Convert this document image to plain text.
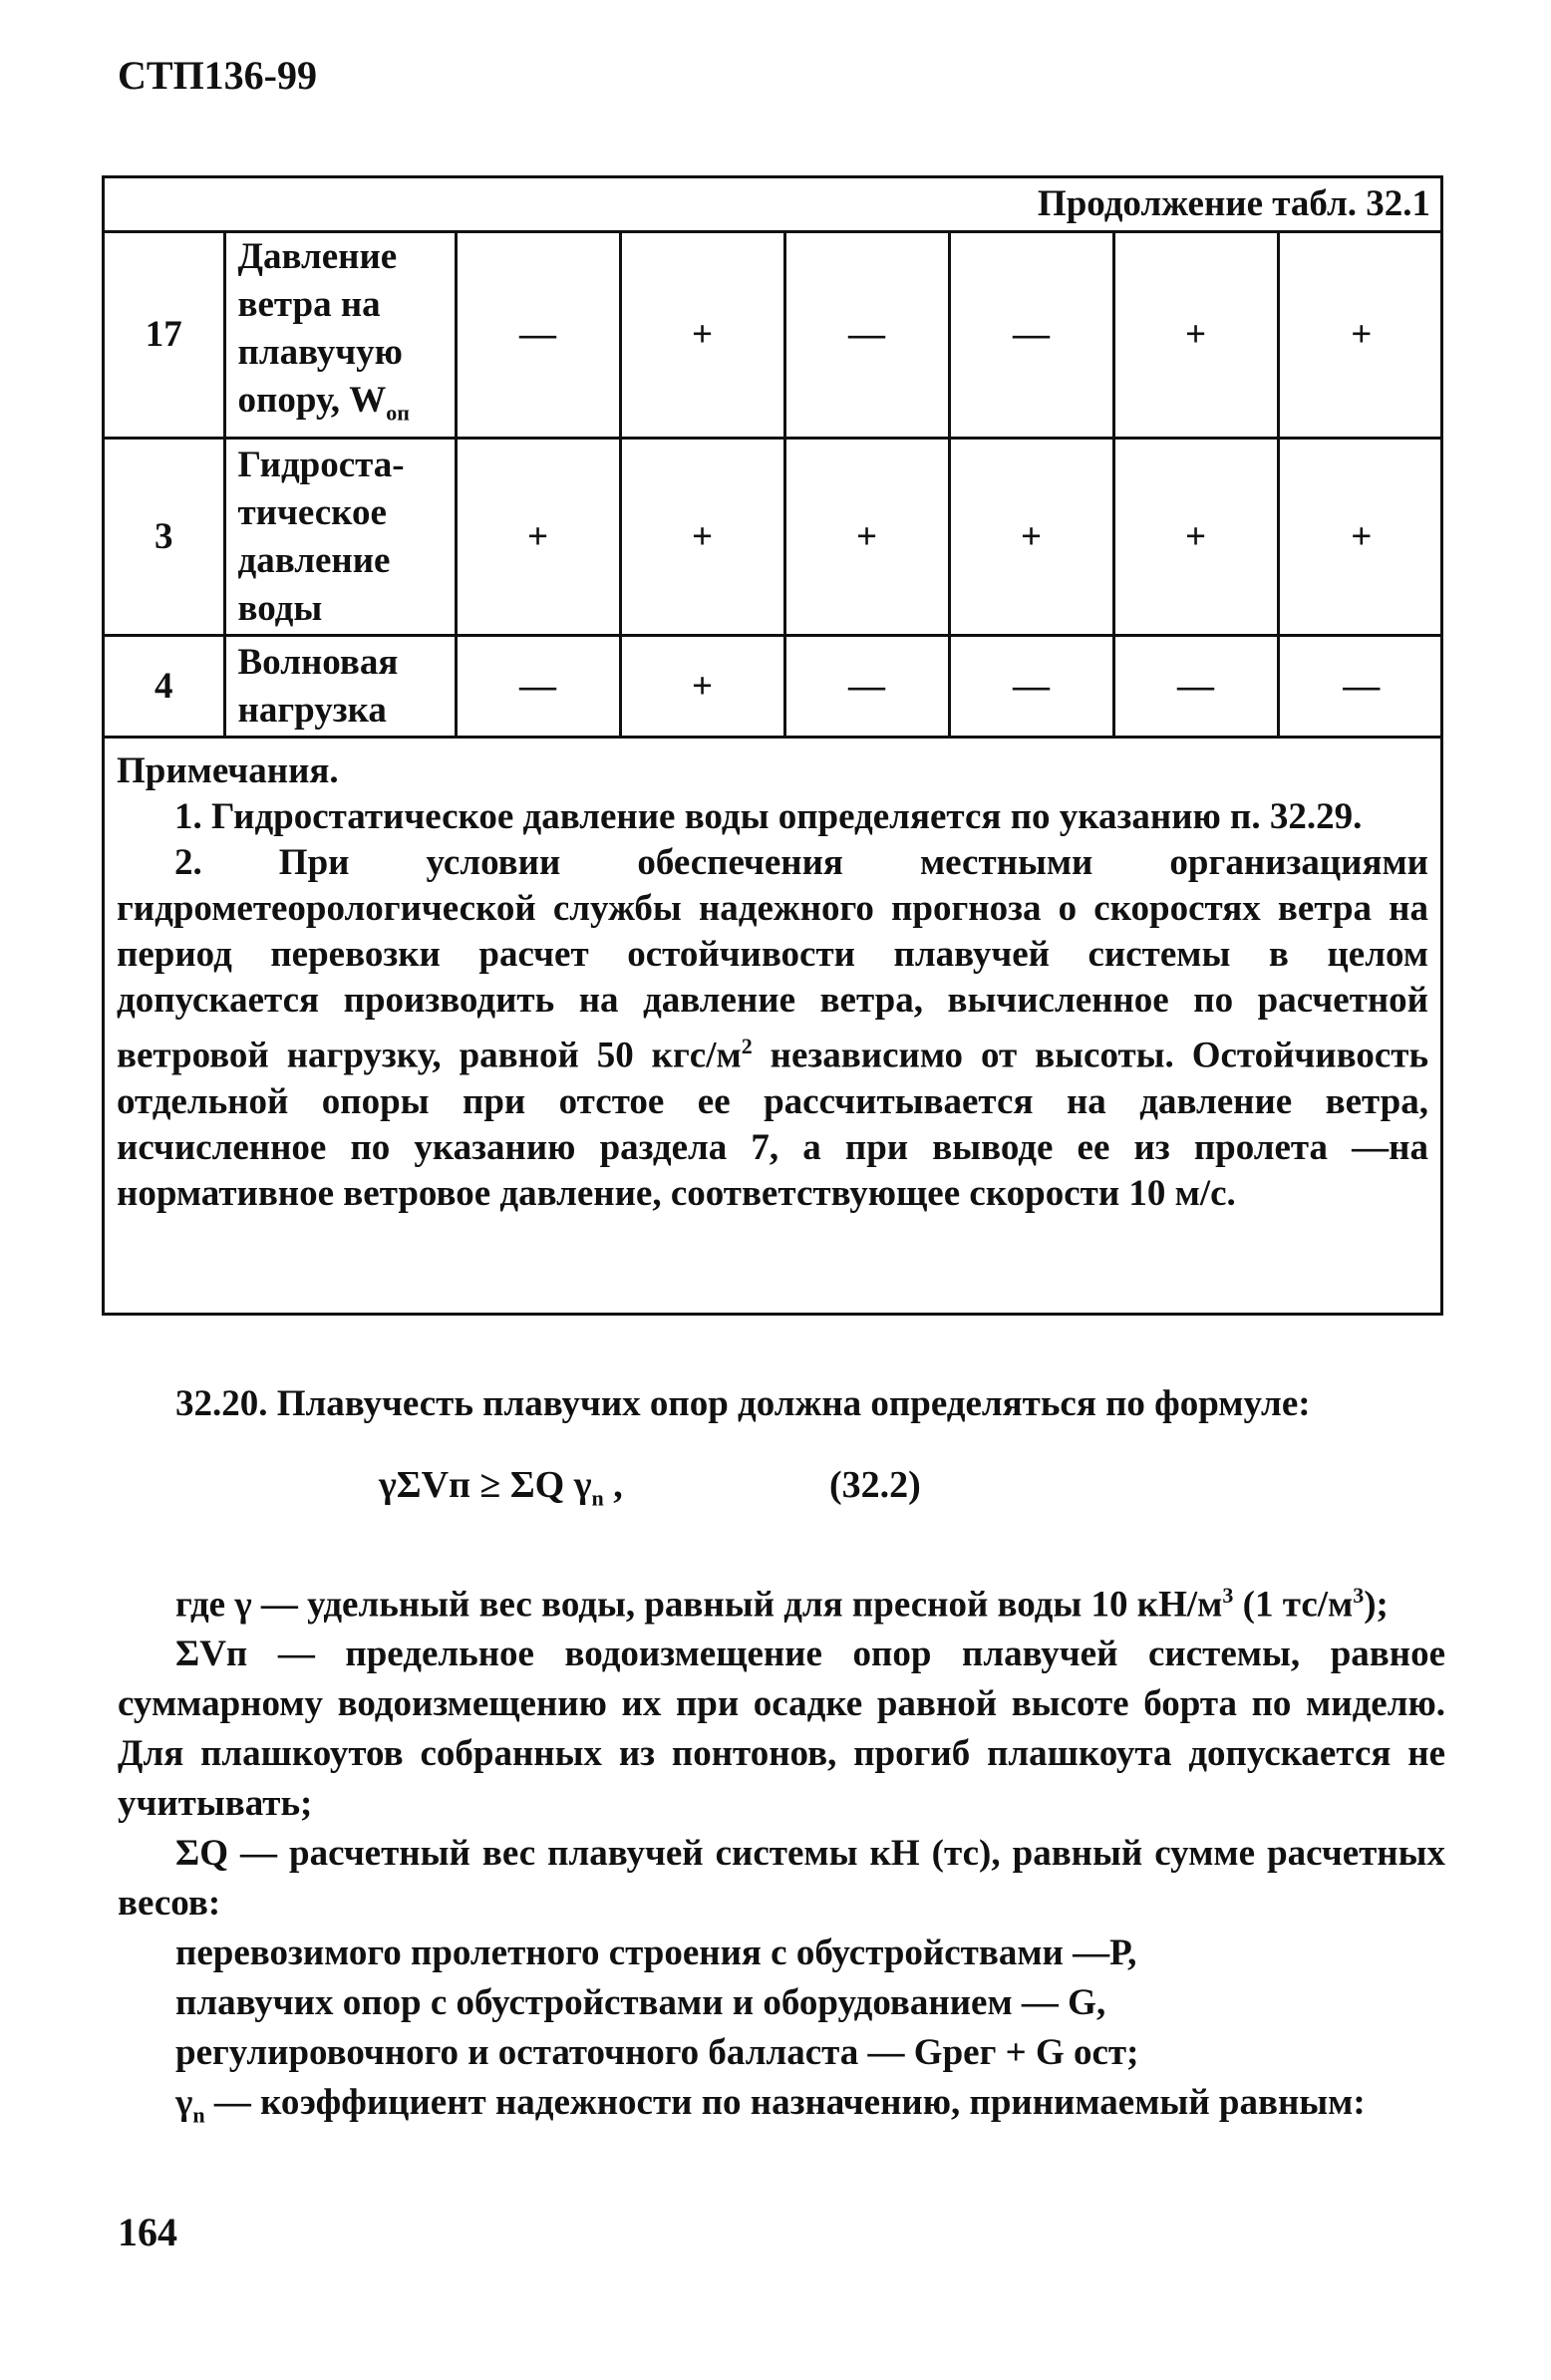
СТП136-99
Продолжение табл. 32.1
17	Давление
ветра на
плавучую
опору, $W_{оп}$	—	+	—	—	+	+
3	Гидроста-
тическое
давление
воды	+	+	+	+	+	+
4	Волновая
нагрузка	—	+	—	—	—	—

Примечания.

1. Гидростатическое давление воды определяется по указанию п. 32.29.

2. При условии обеспечения местными организациями гидрометеорологической службы надежного прогноза о скоростях ветра на период перевозки расчет остойчивости плавучей системы в целом допускается производить на давление ветра, вычисленное по расчетной ветровой нагрузку, равной 50 кгс/$м^2$ независимо от высоты. Остойчивость отдельной опоры при отстое ее рассчитывается на давление ветра, исчисленное по указанию раздела 7, а при выводе ее из пролета —на нормативное ветровое давление, соответствующее скорости 10 м/с.

32.20. Плавучесть плавучих опор должна определяться по формуле:

γΣVп ≥ ΣQ $\gamma_n$ ,	(32.2)

где γ — удельный вес воды, равный для пресной воды 10 $кН/м^3$ (1 $тс/м^3$);

ΣVп — предельное водоизмещение опор плавучей системы, равное суммарному водоизмещению их при осадке равной высоте борта по миделю. Для плашкоутов собранных из понтонов, прогиб плашкоута допускается не учитывать;

ΣQ — расчетный вес плавучей системы кН (тс), равный сумме расчетных весов:

перевозимого пролетного строения с обустройствами —Р,

плавучих опор с обустройствами и оборудованием — G,

регулировочного и остаточного балласта — Gрег + G ост;

$\gamma_n$ — коэффициент надежности по назначению, принимаемый равным:

164
